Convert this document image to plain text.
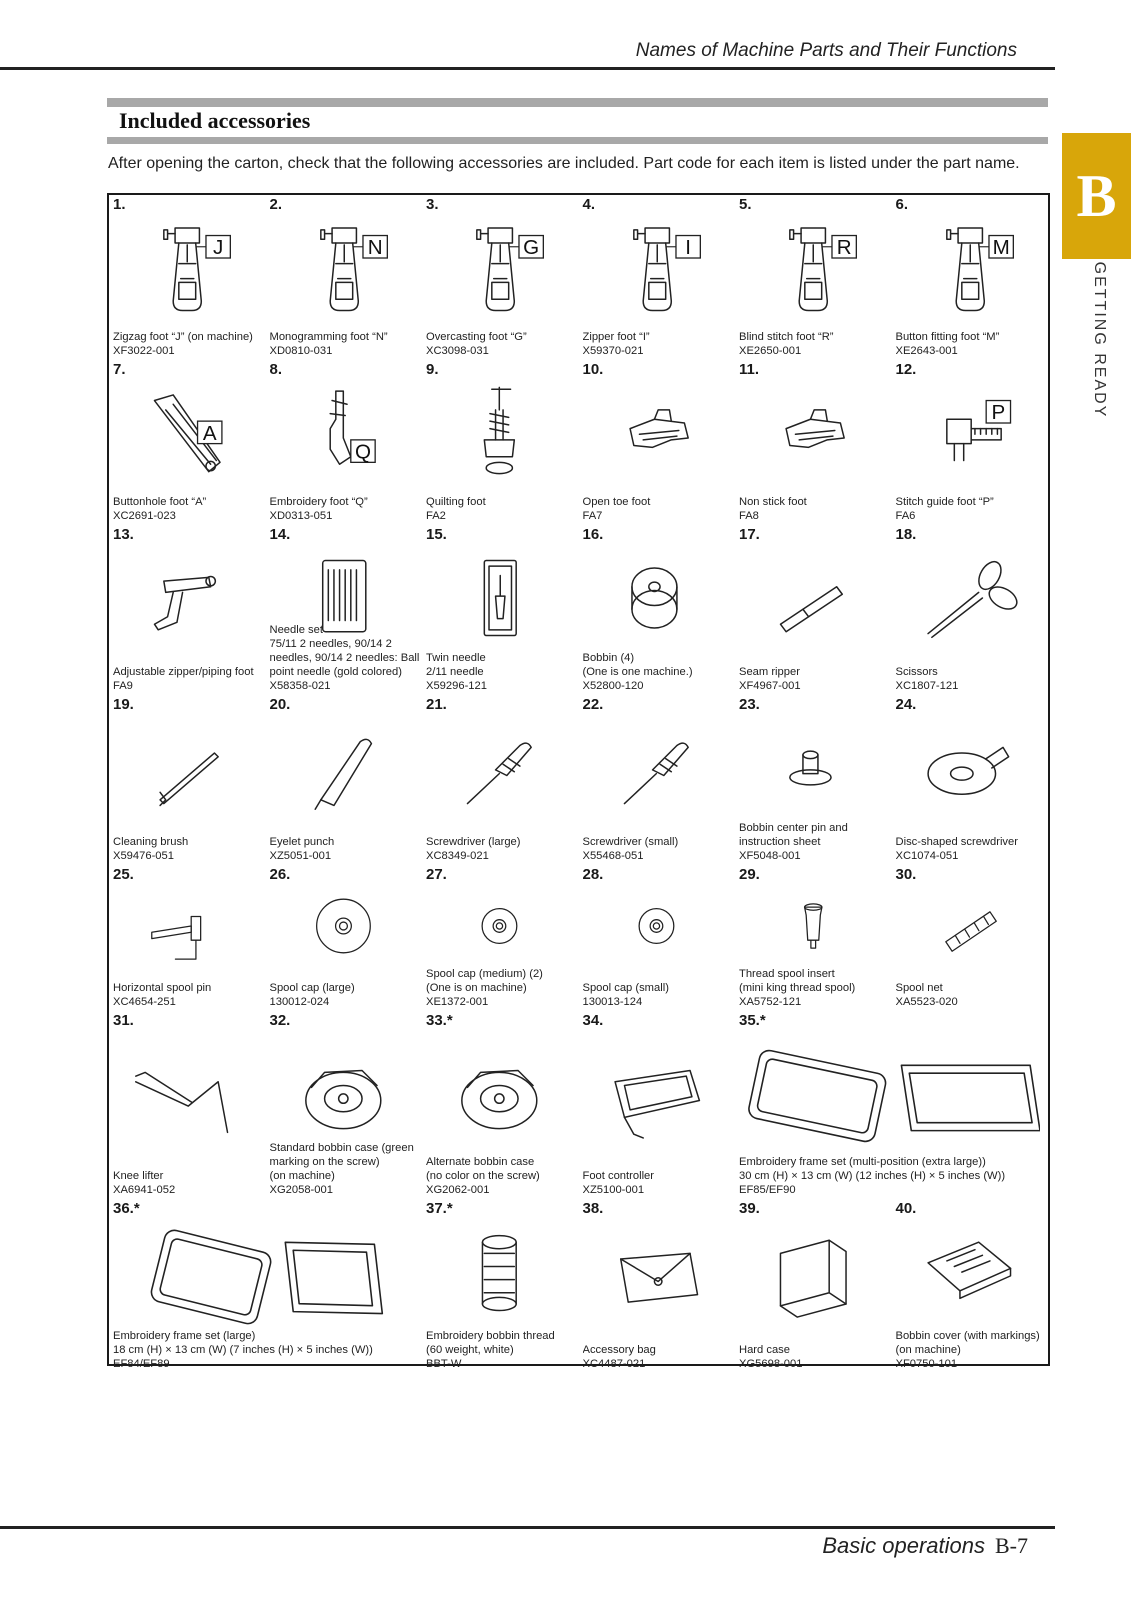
Names of Machine Parts and Their Functions
Included accessories
After opening the carton, check that the following accessories are included. Part code for each item is listed under the part name. B
GETTING READY
1.
J
Zigzag foot “J” (on machine)
XF3022-001
2.
N
Monogramming foot “N”
XD0810-031
3.
G
Overcasting foot “G”
XC3098-031
4.
I
Zipper foot “I”
X59370-021
5.
R
Blind stitch foot “R”
XE2650-001
6.
M
Button fitting foot “M”
XE2643-001
7.
A
Buttonhole foot “A”
XC2691-023
8.
Q
Embroidery foot “Q”
XD0313-051
9.
Quilting foot
FA2
10.
Open toe foot
FA7
11.
Non stick foot
FA8
12.
P
Stitch guide foot “P”
FA6
13.
Adjustable zipper/piping foot
FA9
14.
Needle set
75/11 2 needles, 90/14 2
needles, 90/14 2 needles: Ball
point needle (gold colored)
X58358-021
15.
Twin needle
2/11 needle
X59296-121
16.
Bobbin (4)
(One is one machine.)
X52800-120
17.
Seam ripper
XF4967-001
18.
Scissors
XC1807-121
19.
Cleaning brush
X59476-051
20.
Eyelet punch
XZ5051-001
21.
Screwdriver (large)
XC8349-021
22.
Screwdriver (small)
X55468-051
23.
Bobbin center pin and
instruction sheet
XF5048-001
24.
Disc-shaped screwdriver
XC1074-051
25.
Horizontal spool pin
XC4654-251
26.
Spool cap (large)
130012-024
27.
Spool cap (medium) (2)
(One is on machine)
XE1372-001
28.
Spool cap (small)
130013-124
29.
Thread spool insert
(mini king thread spool)
XA5752-121
30.
Spool net
XA5523-020
31.
Knee lifter
XA6941-052
32.
Standard bobbin case (green
marking on the screw)
(on machine)
XG2058-001
33.*
Alternate bobbin case
(no color on the screw)
XG2062-001
34.
Foot controller
XZ5100-001
35.*
Embroidery frame set (multi-position (extra large))
30 cm (H) × 13 cm (W) (12 inches (H) × 5 inches (W))
EF85/EF90
36.*
Embroidery frame set (large)
18 cm (H) × 13 cm (W) (7 inches (H) × 5 inches (W))
EF84/EF89
37.*
Embroidery bobbin thread
(60 weight, white)
BBT-W
38.
Accessory bag
XC4487-021
39.
Hard case
XG5698-001
40.
Bobbin cover (with markings)
(on machine)
XF0750-101
Basic operations B-7
